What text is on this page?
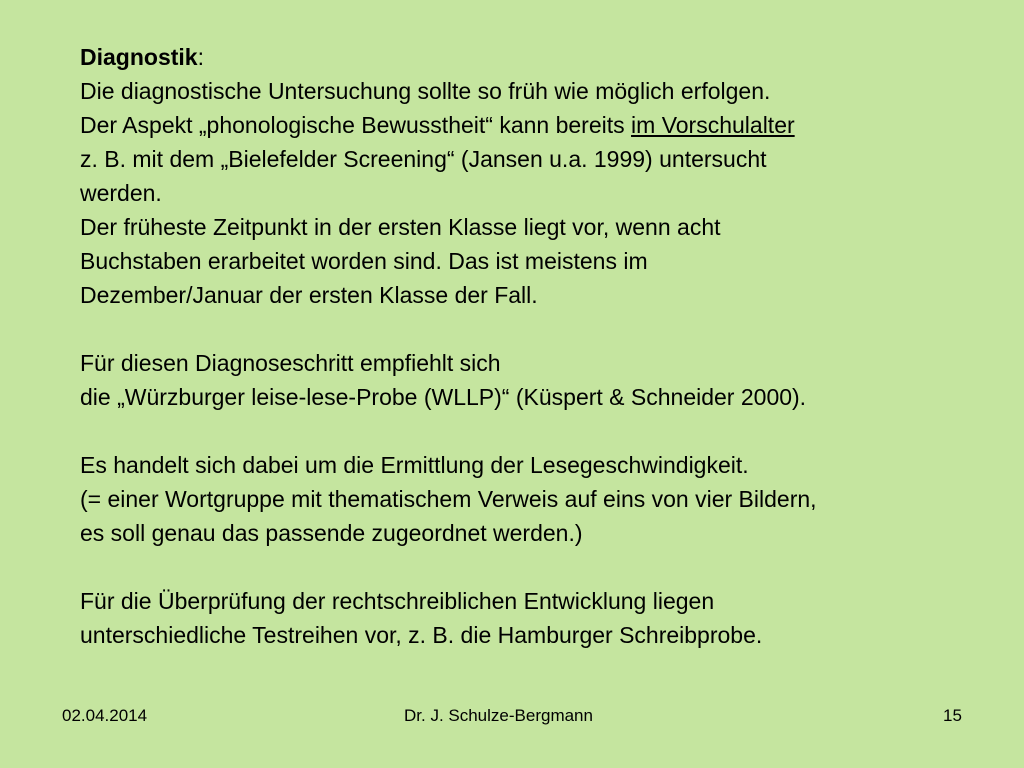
Diagnostik:
Die diagnostische Untersuchung sollte so früh wie möglich erfolgen.
Der Aspekt „phonologische Bewusstheit“ kann bereits im Vorschulalter
z. B. mit dem „Bielefelder Screening“ (Jansen u.a. 1999) untersucht
werden.
Der früheste Zeitpunkt in der ersten Klasse liegt vor, wenn acht
Buchstaben erarbeitet worden sind. Das ist meistens im
Dezember/Januar der ersten Klasse der Fall.
Für diesen Diagnoseschritt empfiehlt sich
die „Würzburger leise-lese-Probe (WLLP)“ (Küspert & Schneider 2000).
Es handelt sich dabei um die Ermittlung der Lesegeschwindigkeit.
(= einer Wortgruppe mit thematischem Verweis auf eins von vier Bildern,
es soll genau das passende zugeordnet werden.)
Für die Überprüfung der rechtschreiblichen Entwicklung liegen
unterschiedliche Testreihen vor, z. B. die Hamburger Schreibprobe.
02.04.2014	Dr. J. Schulze-Bergmann	15
